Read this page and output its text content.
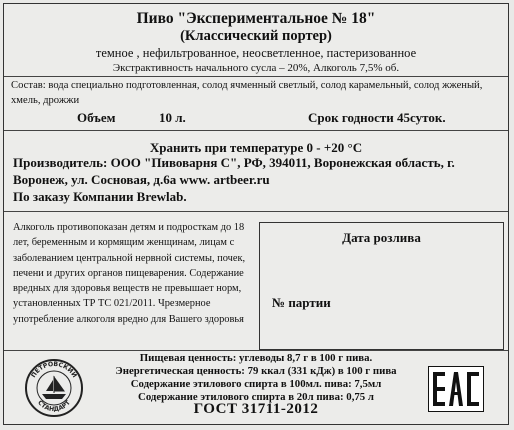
Пиво "Экспериментальное № 18"
(Классический портер)
темное , нефильтрованное, неосветленное, пастеризованное
Экстрактивность начального сусла – 20%, Алкоголь 7,5% об.
Состав: вода специально подготовленная, солод ячменный светлый, солод карамельный, солод жженый, хмель, дрожжи
Объем	10 л.	Срок годности 45суток.
Хранить при температуре 0 - +20 °С
Производитель: ООО "Пивоварня С", РФ, 394011, Воронежская область, г. Воронеж, ул. Сосновая, д.6а www. artbeer.ru
По заказу Компании Brewlab.
Алкоголь противопоказан детям и подросткам до 18 лет, беременным и кормящим женщинам, лицам с заболеванием центральной нервной системы, почек, печени и других органов пищеварения. Содержание вредных для здоровья веществ не превышает норм, установленных ТР ТС 021/2011. Чрезмерное употребление алкоголя вредно для Вашего здоровья
Дата розлива
№ партии
Пищевая ценность: углеводы 8,7 г в 100 г пива.
Энергетическая ценность: 79 ккал (331 кДж) в 100 г пива
Содержание этилового спирта в 100мл. пива: 7,5мл
Содержание этилового спирта в 20л пива: 0,75 л
ГОСТ 31711-2012
ПЕТРОВСКИЙ
СТАНДАРТ
EAC
